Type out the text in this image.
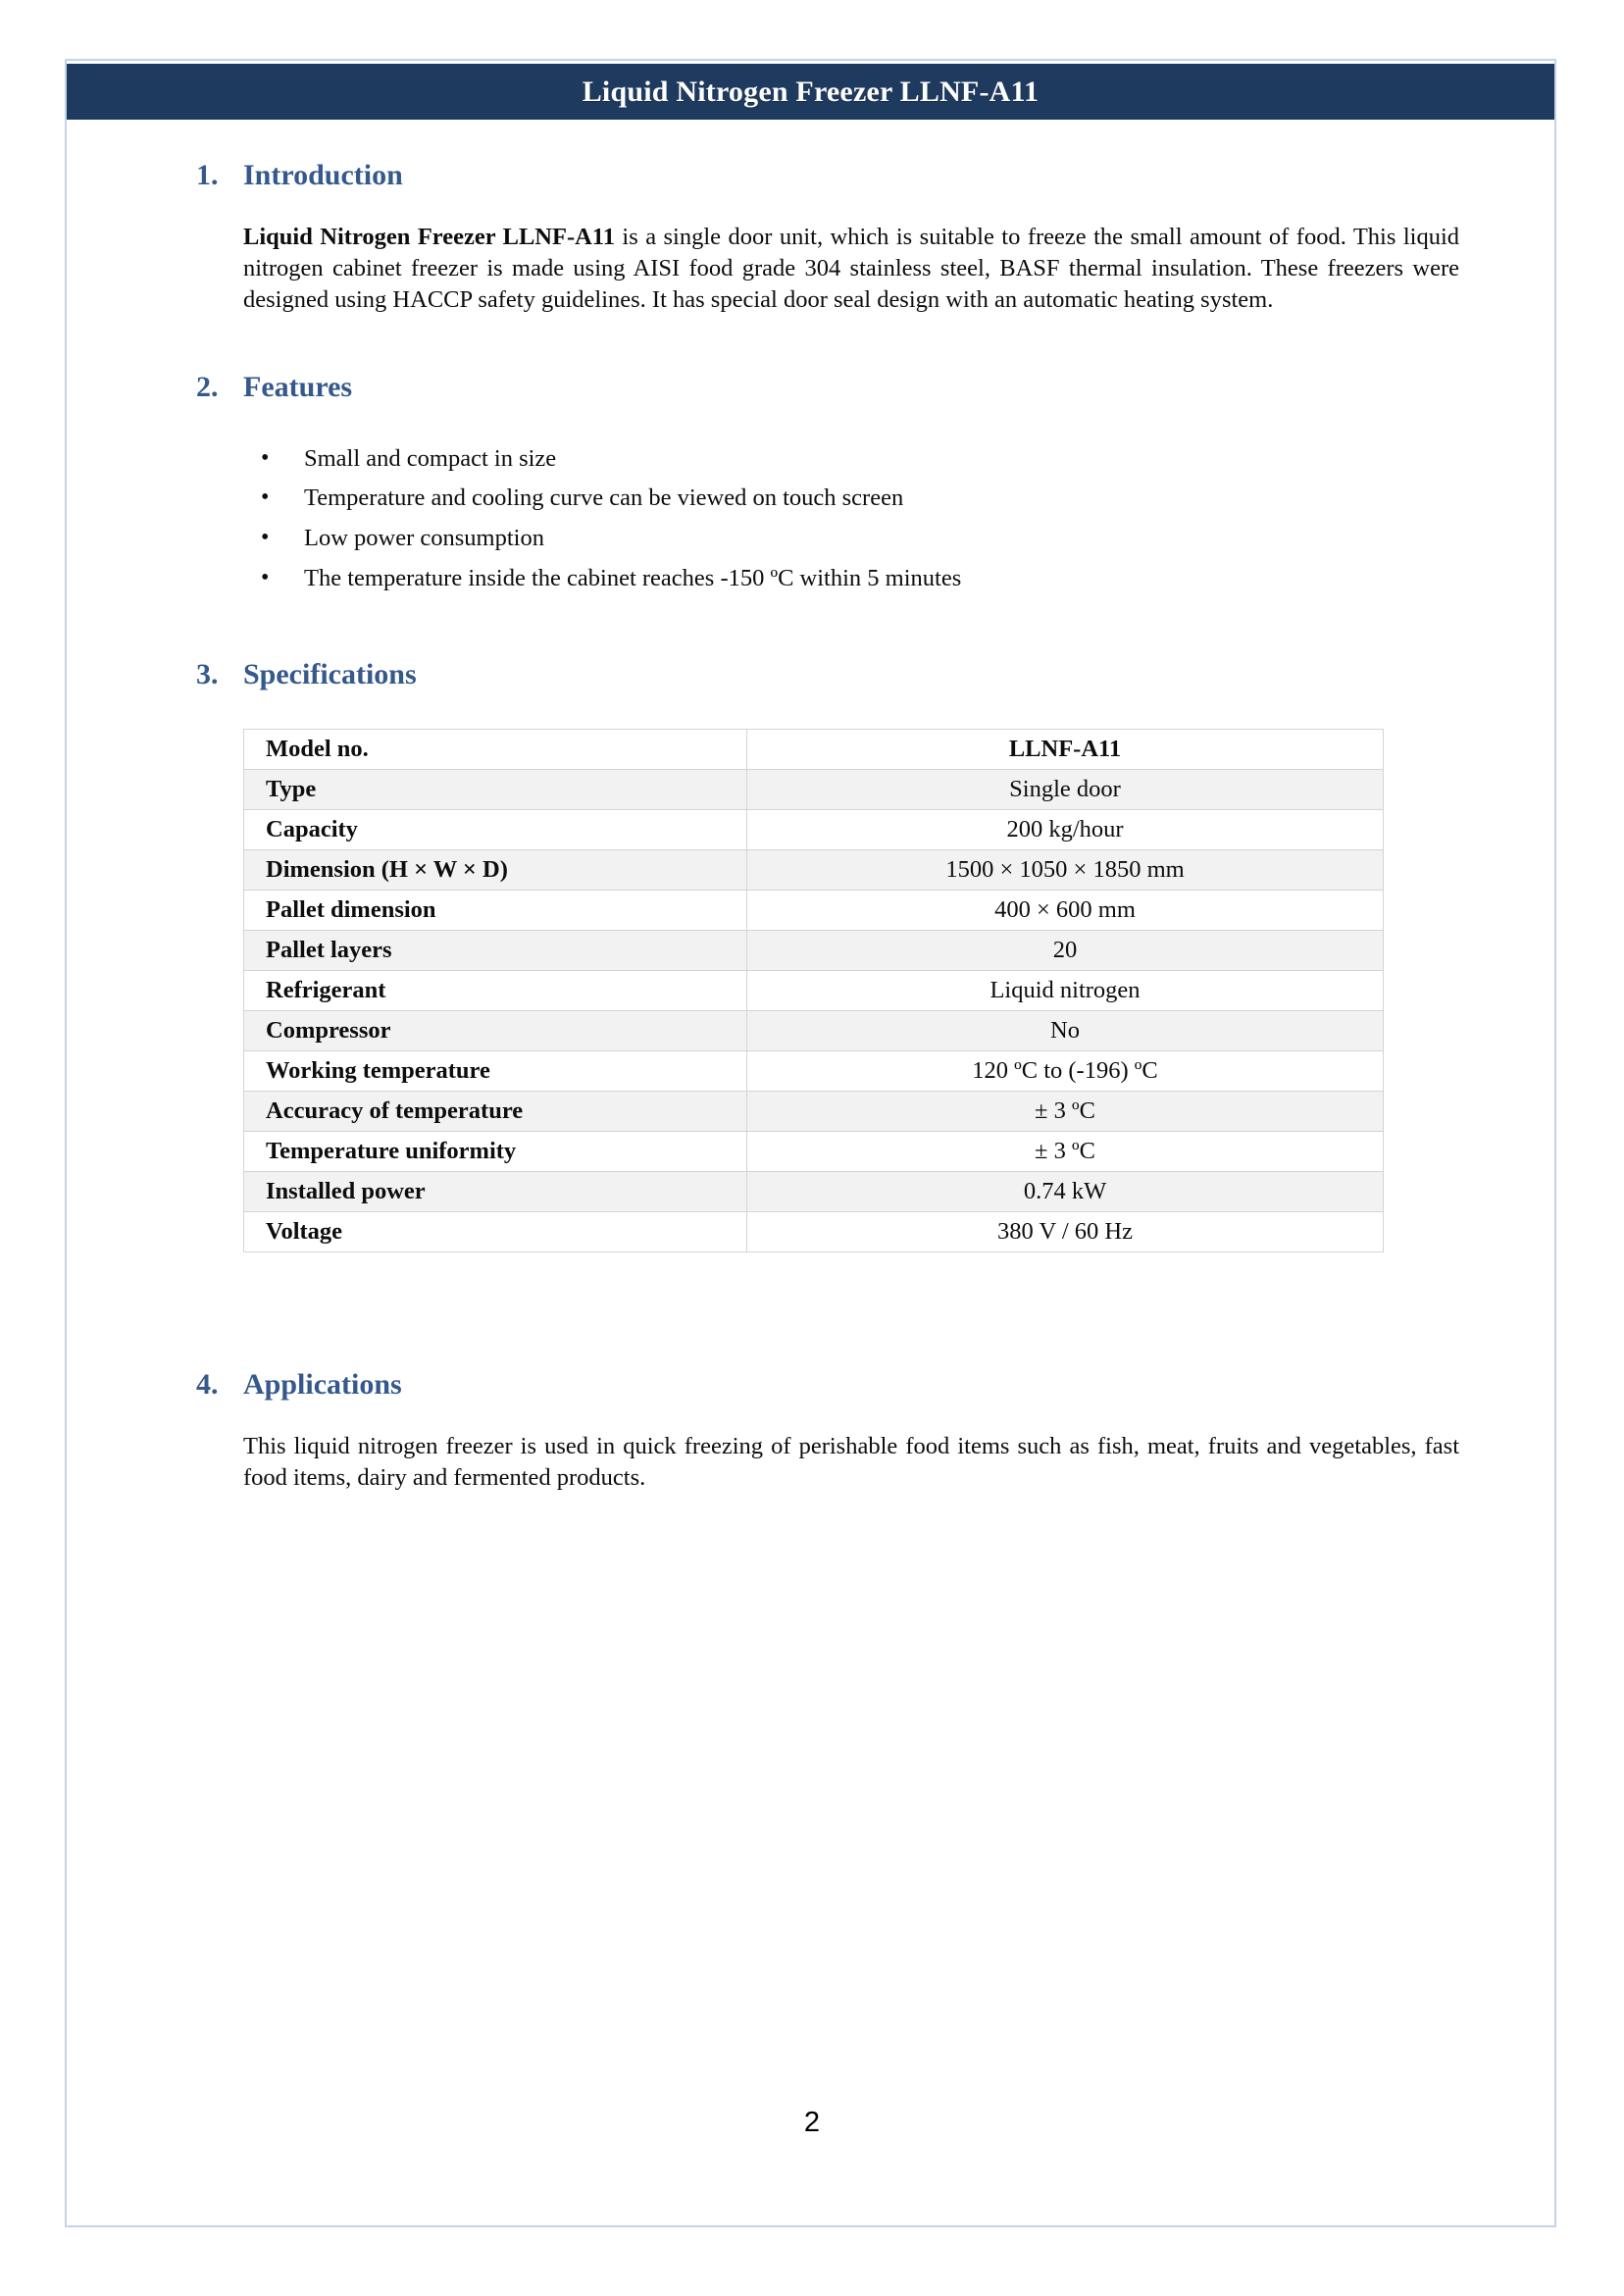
Liquid Nitrogen Freezer LLNF-A11
1. Introduction

Liquid Nitrogen Freezer LLNF-A11 is a single door unit, which is suitable to freeze the small amount of food. This liquid nitrogen cabinet freezer is made using AISI food grade 304 stainless steel, BASF thermal insulation. These freezers were designed using HACCP safety guidelines. It has special door seal design with an automatic heating system.

2. Features
• Small and compact in size
• Temperature and cooling curve can be viewed on touch screen
• Low power consumption
• The temperature inside the cabinet reaches -150 ºC within 5 minutes
3. Specifications
Model no.	LLNF-A11
Type	Single door
Capacity	200 kg/hour
Dimension (H × W × D)	1500 × 1050 × 1850 mm
Pallet dimension	400 × 600 mm
Pallet layers	20
Refrigerant	Liquid nitrogen
Compressor	No
Working temperature	120 ºC to (-196) ºC
Accuracy of temperature	± 3 ºC
Temperature uniformity	± 3 ºC
Installed power	0.74 kW
Voltage	380 V / 60 Hz
4. Applications

This liquid nitrogen freezer is used in quick freezing of perishable food items such as fish, meat, fruits and vegetables, fast food items, dairy and fermented products.

2
